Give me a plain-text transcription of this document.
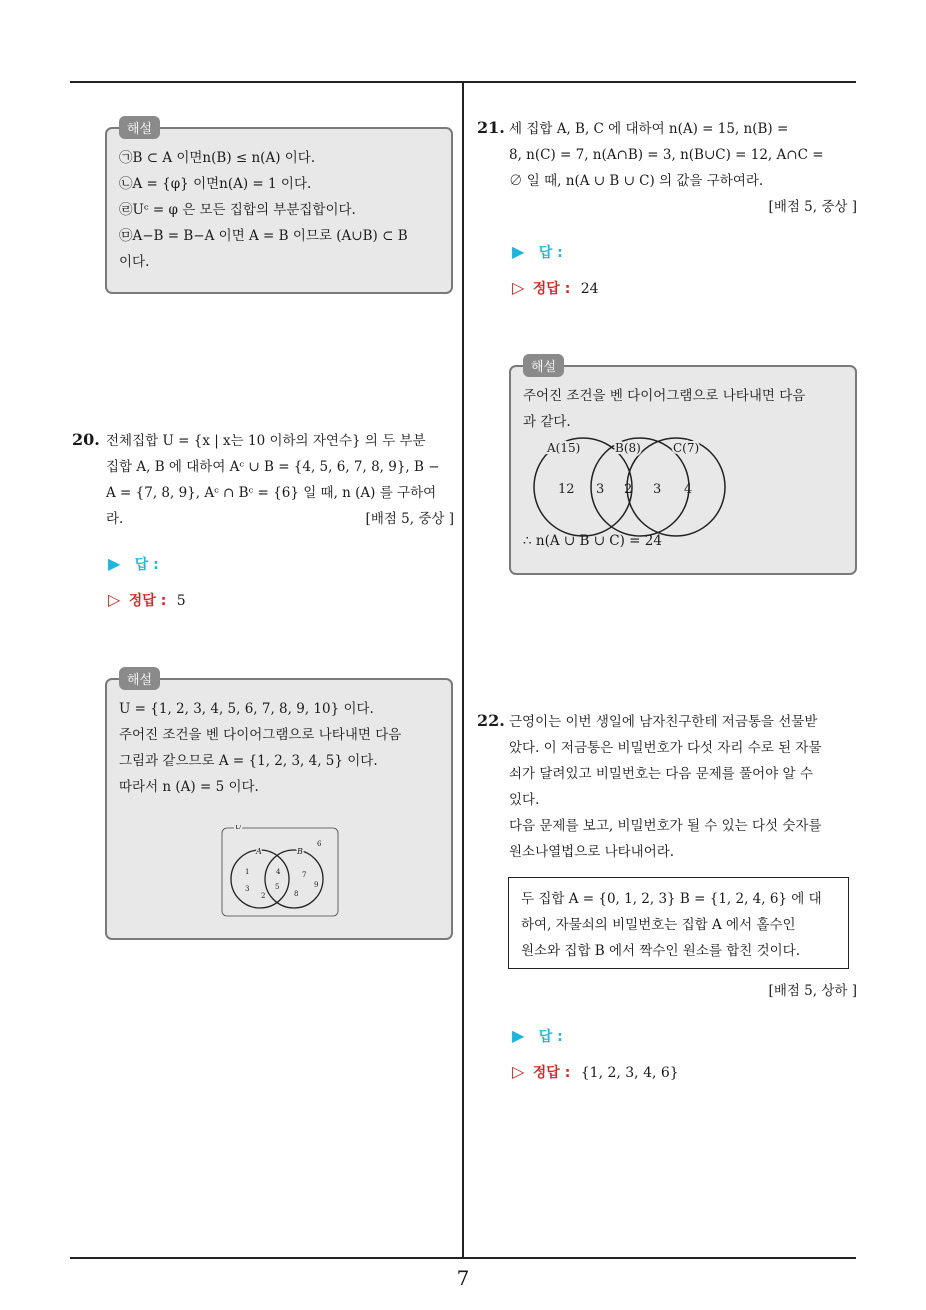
해설
㉠B ⊂ A 이면n(B) ≤ n(A) 이다.
㉡A = {φ} 이면n(A) = 1 이다.
㉣Uᶜ = φ 은 모든 집합의 부분집합이다.
㉤A−B = B−A 이면 A = B 이므로 (A∪B) ⊂ B
이다.
20. 전체집합 U = {x | x는 10 이하의 자연수} 의 두 부분
집합 A, B 에 대하여 Aᶜ ∪ B = {4, 5, 6, 7, 8, 9}, B −
A = {7, 8, 9}, Aᶜ ∩ Bᶜ = {6} 일 때, n (A) 를 구하여
라.	[배점 5, 중상 ]
▶ 답 :
▷ 정답 : 5
해설
U = {1, 2, 3, 4, 5, 6, 7, 8, 9, 10} 이다.
주어진 조건을 벤 다이어그램으로 나타내면 다음
그림과 같으므로 A = {1, 2, 3, 4, 5} 이다.
따라서 n (A) = 5 이다.
U
A	B
6
1
3
2
4
5
7
9
8
21. 세 집합 A, B, C 에 대하여 n(A) = 15, n(B) =
8, n(C) = 7, n(A∩B) = 3, n(B∪C) = 12, A∩C =
∅ 일 때, n(A ∪ B ∪ C) 의 값을 구하여라.
[배점 5, 중상 ]
▶ 답 :
▷ 정답 : 24
해설
주어진 조건을 벤 다이어그램으로 나타내면 다음
과 같다.
A(15)	B(8)	C(7)
12 3 2 3 4
∴ n(A ∪ B ∪ C) = 24
22. 근영이는 이번 생일에 남자친구한테 저금통을 선물받
았다. 이 저금통은 비밀번호가 다섯 자리 수로 된 자물
쇠가 달려있고 비밀번호는 다음 문제를 풀어야 알 수
있다.
다음 문제를 보고, 비밀번호가 될 수 있는 다섯 숫자를
원소나열법으로 나타내어라.
두 집합 A = {0, 1, 2, 3} B = {1, 2, 4, 6} 에 대
하여, 자물쇠의 비밀번호는 집합 A 에서 홀수인
원소와 집합 B 에서 짝수인 원소를 합친 것이다.
[배점 5, 상하 ]
▶ 답 :
▷ 정답 : {1, 2, 3, 4, 6}
7
